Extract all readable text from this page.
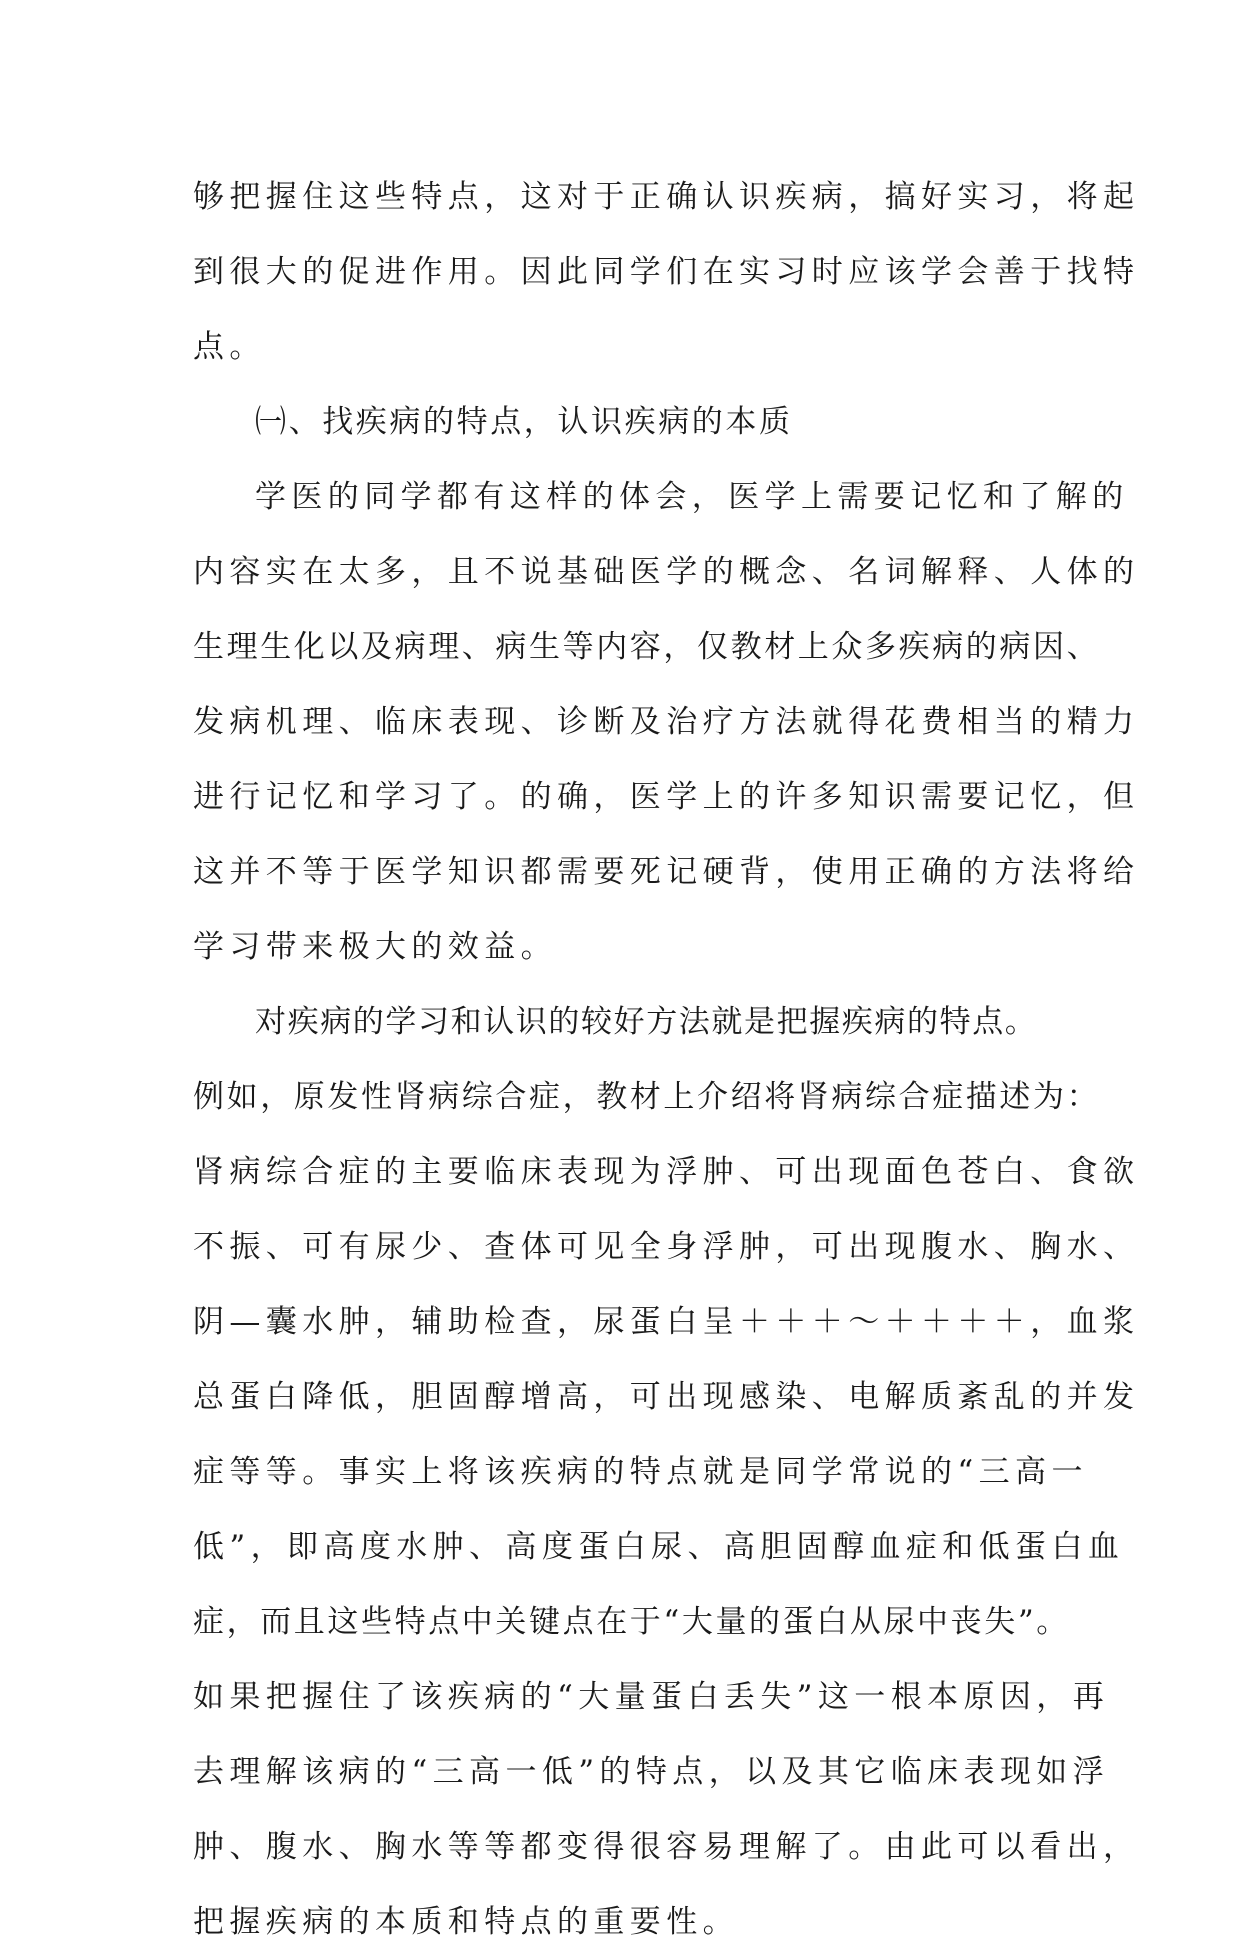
够把握住这些特点，这对于正确认识疾病，搞好实习，将起
到很大的促进作用。因此同学们在实习时应该学会善于找特
点。
㈠、找疾病的特点，认识疾病的本质
学医的同学都有这样的体会，医学上需要记忆和了解的
内容实在太多，且不说基础医学的概念、名词解释、人体的
生理生化以及病理、病生等内容，仅教材上众多疾病的病因、
发病机理、临床表现、诊断及治疗方法就得花费相当的精力
进行记忆和学习了。的确，医学上的许多知识需要记忆，但
这并不等于医学知识都需要死记硬背，使用正确的方法将给
学习带来极大的效益。
对疾病的学习和认识的较好方法就是把握疾病的特点。
例如，原发性肾病综合症，教材上介绍将肾病综合症描述为：
肾病综合症的主要临床表现为浮肿、可出现面色苍白、食欲
不振、可有尿少、查体可见全身浮肿，可出现腹水、胸水、
阴—囊水肿，辅助检查，尿蛋白呈＋＋＋～＋＋＋＋，血浆
总蛋白降低，胆固醇增高，可出现感染、电解质紊乱的并发
症等等。事实上将该疾病的特点就是同学常说的“三高一
低”，即高度水肿、高度蛋白尿、高胆固醇血症和低蛋白血
症，而且这些特点中关键点在于“大量的蛋白从尿中丧失”。
如果把握住了该疾病的“大量蛋白丢失”这一根本原因，再
去理解该病的“三高一低”的特点，以及其它临床表现如浮
肿、腹水、胸水等等都变得很容易理解了。由此可以看出，
把握疾病的本质和特点的重要性。
